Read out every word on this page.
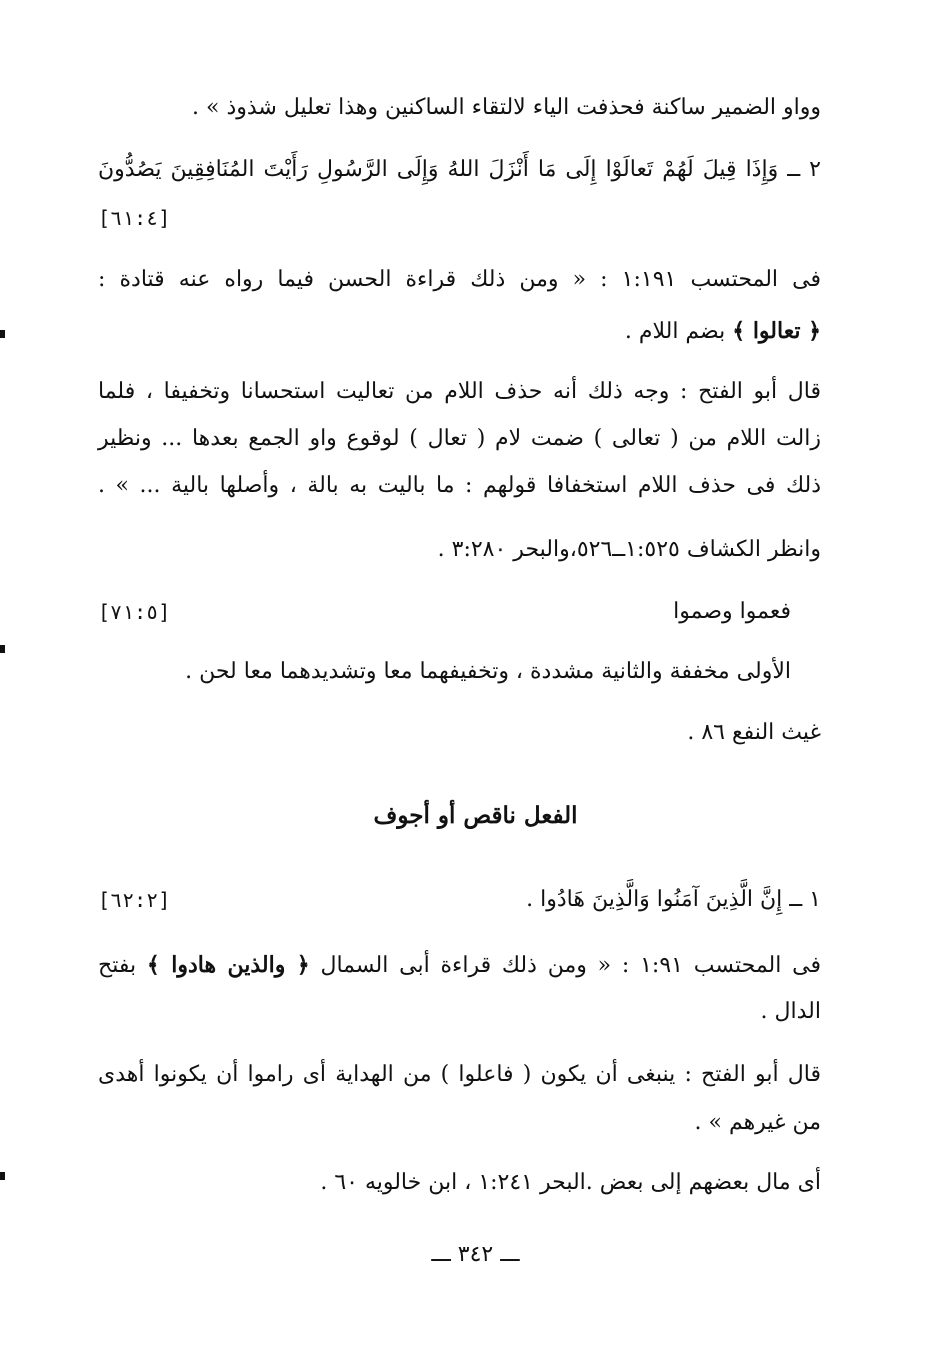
وواو الضمير ساكنة فحذفت الياء لالتقاء الساكنين وهذا تعليل شذوذ » .
٢ ــ وَإِذَا قِيلَ لَهُمْ تَعالَوْا إِلَى مَا أَنْزَلَ اللهُ وَإِلَى الرَّسُولِ رَأَيْتَ المُنَافِقِينَ يَصُدُّونَ
[٦١:٤]
فى المحتسب ١:١٩١ : « ومن ذلك قراءة الحسن فيما رواه عنه قتادة :
﴿ تعالوا ﴾ بضم اللام .
قال أبو الفتح : وجه ذلك أنه حذف اللام من تعاليت استحسانا وتخفيفا ، فلما
زالت اللام من ( تعالى ) ضمت لام ( تعال ) لوقوع واو الجمع بعدها ... ونظير
ذلك فى حذف اللام استخفافا قولهم : ما باليت به بالة ، وأصلها بالية ... » .
وانظر الكشاف ١:٥٢٥ــ٥٢٦،والبحر ٣:٢٨٠ .
فعموا وصموا
[٧١:٥]
الأولى مخففة والثانية مشددة ، وتخفيفهما معا وتشديدهما معا لحن .
غيث النفع ٨٦ .
الفعل ناقص أو أجوف
١ ــ إِنَّ الَّذِينَ آمَنُوا وَالَّذِينَ هَادُوا .
[٦٢:٢]
فى المحتسب ١:٩١ : « ومن ذلك قراءة أبى السمال ﴿ والذين هادوا ﴾ بفتح
الدال .
قال أبو الفتح : ينبغى أن يكون ( فاعلوا ) من الهداية أى راموا أن يكونوا أهدى
من غيرهم » .
أى مال بعضهم إلى بعض .البحر ١:٢٤١ ، ابن خالويه ٦٠ .
ـــ ٣٤٢ ـــ
